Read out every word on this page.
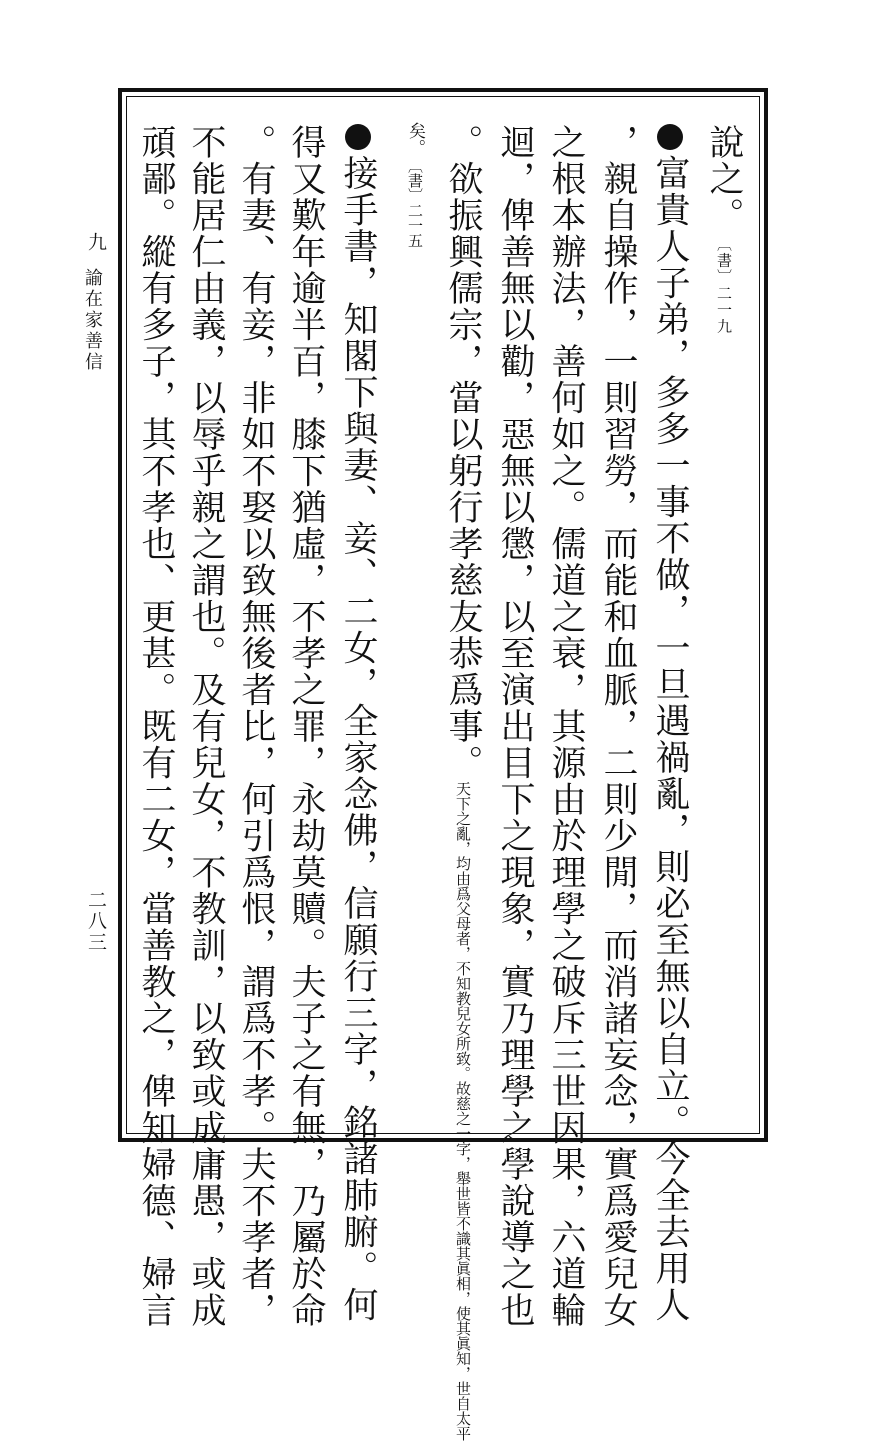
二八三
九
諭在家善信
說之。〔書〕二一九
富貴人子弟，多多一事不做，一旦遇禍亂，則必至無以自立。今全去用人
，親自操作，一則習勞，而能和血脈，二則少閒，而消諸妄念，實爲愛兒女
之根本辦法，善何如之。儒道之衰，其源由於理學之破斥三世因果，六道輪
迴，俾善無以勸，惡無以懲，以至演出目下之現象，實乃理學之學說導之也
。欲振興儒宗，當以躬行孝慈友恭爲事。天下之亂，均由爲父母者，不知教兒女所致。故慈之一字，舉世皆不識其眞相，使其眞知，世自太平
矣。〔書〕二一五
接手書，知閣下與妻、妾、二女，全家念佛，信願行三字，銘諸肺腑。何
得又歎年逾半百，膝下猶虛，不孝之罪，永劫莫贖。夫子之有無，乃屬於命
。有妻、有妾，非如不娶以致無後者比，何引爲恨，謂爲不孝。夫不孝者，
不能居仁由義，以辱乎親之謂也。及有兒女，不教訓，以致或成庸愚，或成
頑鄙。縱有多子，其不孝也、更甚。既有二女，當善教之，俾知婦德、婦言
